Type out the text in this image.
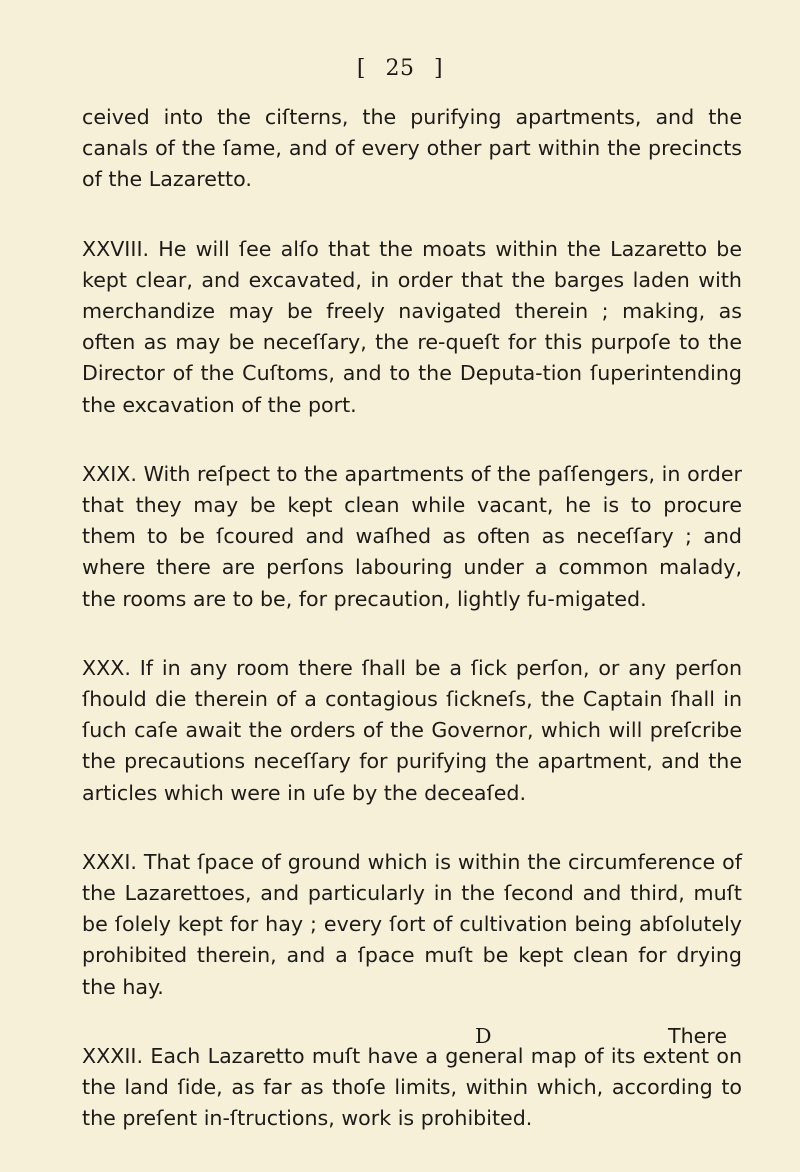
[ 25 ]

ceived into the ciſterns, the purifying apartments, and the canals of the ſame, and of every other part within the precincts of the Lazaretto.

XXVIII. He will ſee alſo that the moats within the Lazaretto be kept clear, and excavated, in order that the barges laden with merchandize may be freely navigated therein ; making, as often as may be neceſſary, the re-queſt for this purpoſe to the Director of the Cuſtoms, and to the Deputa-tion ſuperintending the excavation of the port.

XXIX. With reſpect to the apartments of the paſſengers, in order that they may be kept clean while vacant, he is to procure them to be ſcoured and waſhed as often as neceſſary ; and where there are perſons labouring under a common malady, the rooms are to be, for precaution, lightly fu-migated.

XXX. If in any room there ſhall be a ſick perſon, or any perſon ſhould die therein of a contagious ſickneſs, the Captain ſhall in ſuch caſe await the orders of the Governor, which will preſcribe the precautions neceſſary for purifying the apartment, and the articles which were in uſe by the deceaſed.

XXXI. That ſpace of ground which is within the circumference of the Lazarettoes, and particularly in the ſecond and third, muſt be ſolely kept for hay ; every ſort of cultivation being abſolutely prohibited therein, and a ſpace muſt be kept clean for drying the hay.

XXXII. Each Lazaretto muſt have a general map of its extent on the land ſide, as far as thoſe limits, within which, according to the preſent in-ſtructions, work is prohibited.

D	There
